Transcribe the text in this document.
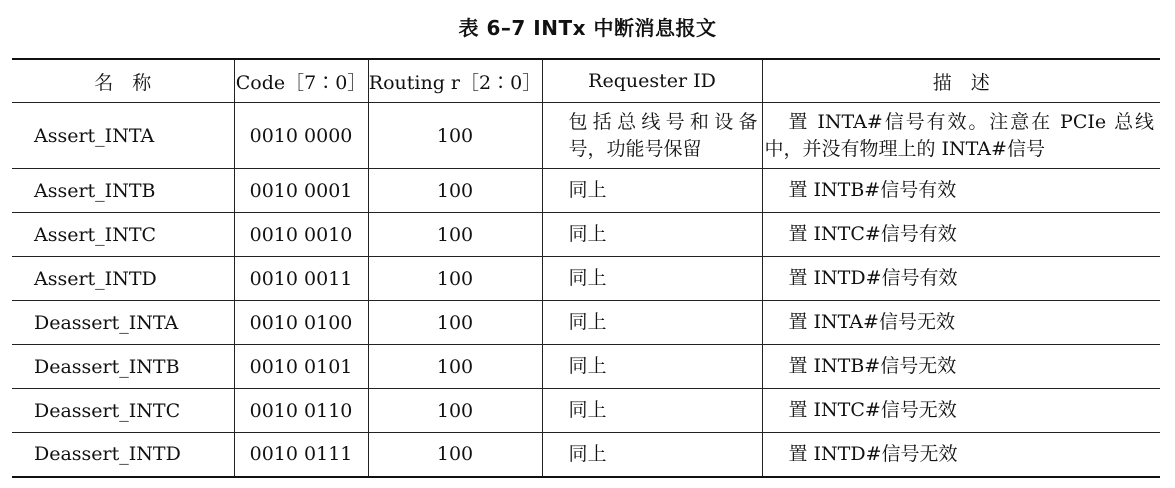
表 6–7 INTx 中断消息报文
名　称	Code［7∶0］	Routing r［2∶0］	Requester ID	描　述
Assert_INTA	0010 0000	100	包括总线号和设备号，功能号保留	置 INTA#信号有效。注意在 PCIe 总线中，并没有物理上的 INTA#信号
Assert_INTB	0010 0001	100	同上	置 INTB#信号有效
Assert_INTC	0010 0010	100	同上	置 INTC#信号有效
Assert_INTD	0010 0011	100	同上	置 INTD#信号有效
Deassert_INTA	0010 0100	100	同上	置 INTA#信号无效
Deassert_INTB	0010 0101	100	同上	置 INTB#信号无效
Deassert_INTC	0010 0110	100	同上	置 INTC#信号无效
Deassert_INTD	0010 0111	100	同上	置 INTD#信号无效
